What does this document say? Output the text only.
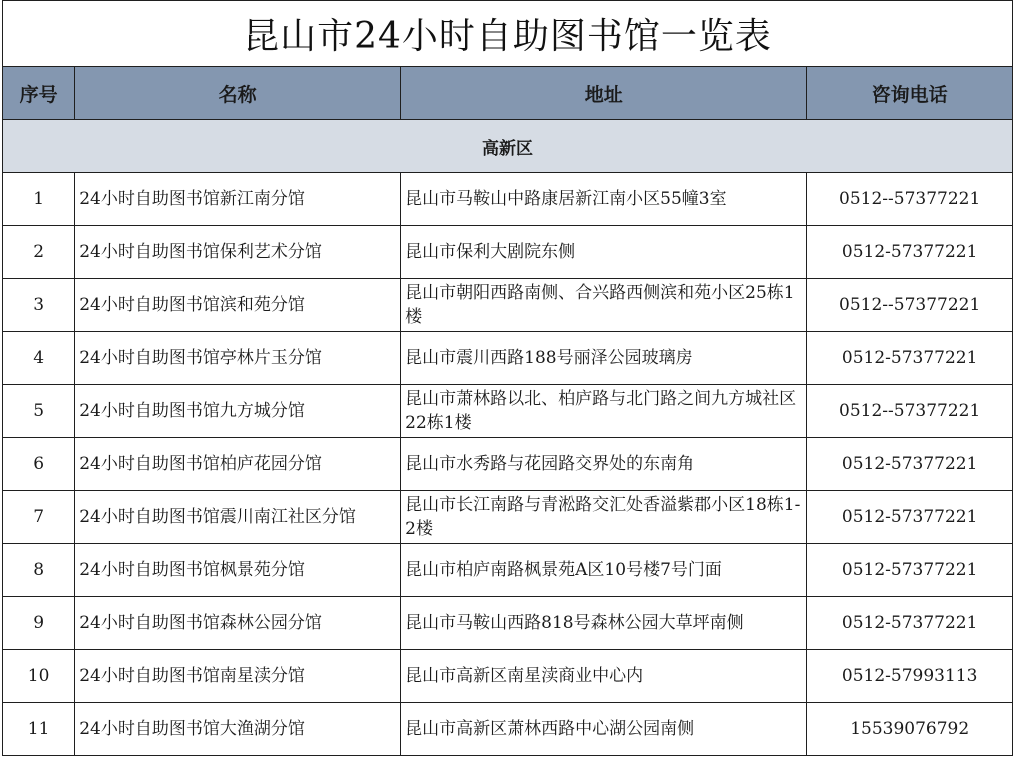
昆山市24小时自助图书馆一览表			
序号	名称	地址	咨询电话
高新区			
1	24小时自助图书馆新江南分馆	昆山市马鞍山中路康居新江南小区55幢3室	0512--57377221
2	24小时自助图书馆保利艺术分馆	昆山市保利大剧院东侧	0512-57377221
3	24小时自助图书馆滨和苑分馆	昆山市朝阳西路南侧、合兴路西侧滨和苑小区25栋1楼	0512--57377221
4	24小时自助图书馆亭林片玉分馆	昆山市震川西路188号丽泽公园玻璃房	0512-57377221
5	24小时自助图书馆九方城分馆	昆山市萧林路以北、柏庐路与北门路之间九方城社区22栋1楼	0512--57377221
6	24小时自助图书馆柏庐花园分馆	昆山市水秀路与花园路交界处的东南角	0512-57377221
7	24小时自助图书馆震川南江社区分馆	昆山市长江南路与青淞路交汇处香溢紫郡小区18栋1-2楼	0512-57377221
8	24小时自助图书馆枫景苑分馆	昆山市柏庐南路枫景苑A区10号楼7号门面	0512-57377221
9	24小时自助图书馆森林公园分馆	昆山市马鞍山西路818号森林公园大草坪南侧	0512-57377221
10	24小时自助图书馆南星渎分馆	昆山市高新区南星渎商业中心内	0512-57993113
11	24小时自助图书馆大渔湖分馆	昆山市高新区萧林西路中心湖公园南侧	15539076792
